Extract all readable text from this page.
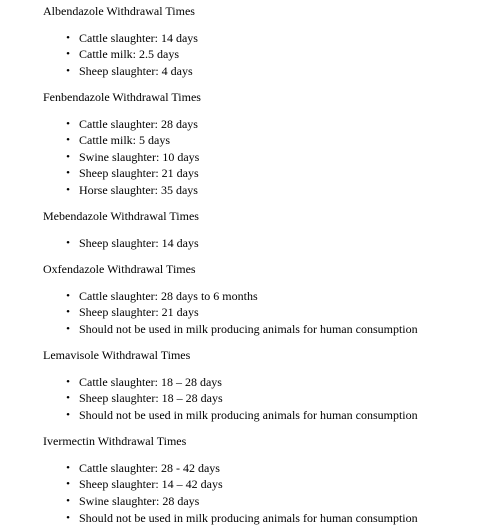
Albendazole Withdrawal Times
• Cattle slaughter: 14 days
• Cattle milk: 2.5 days
• Sheep slaughter: 4 days
Fenbendazole Withdrawal Times
• Cattle slaughter: 28 days
• Cattle milk: 5 days
• Swine slaughter: 10 days
• Sheep slaughter: 21 days
• Horse slaughter: 35 days
Mebendazole Withdrawal Times
• Sheep slaughter: 14 days
Oxfendazole Withdrawal Times
• Cattle slaughter: 28 days to 6 months
• Sheep slaughter: 21 days
• Should not be used in milk producing animals for human consumption
Lemavisole Withdrawal Times
• Cattle slaughter: 18 – 28 days
• Sheep slaughter: 18 – 28 days
• Should not be used in milk producing animals for human consumption
Ivermectin Withdrawal Times
• Cattle slaughter: 28 - 42 days
• Sheep slaughter: 14 – 42 days
• Swine slaughter: 28 days
• Should not be used in milk producing animals for human consumption
